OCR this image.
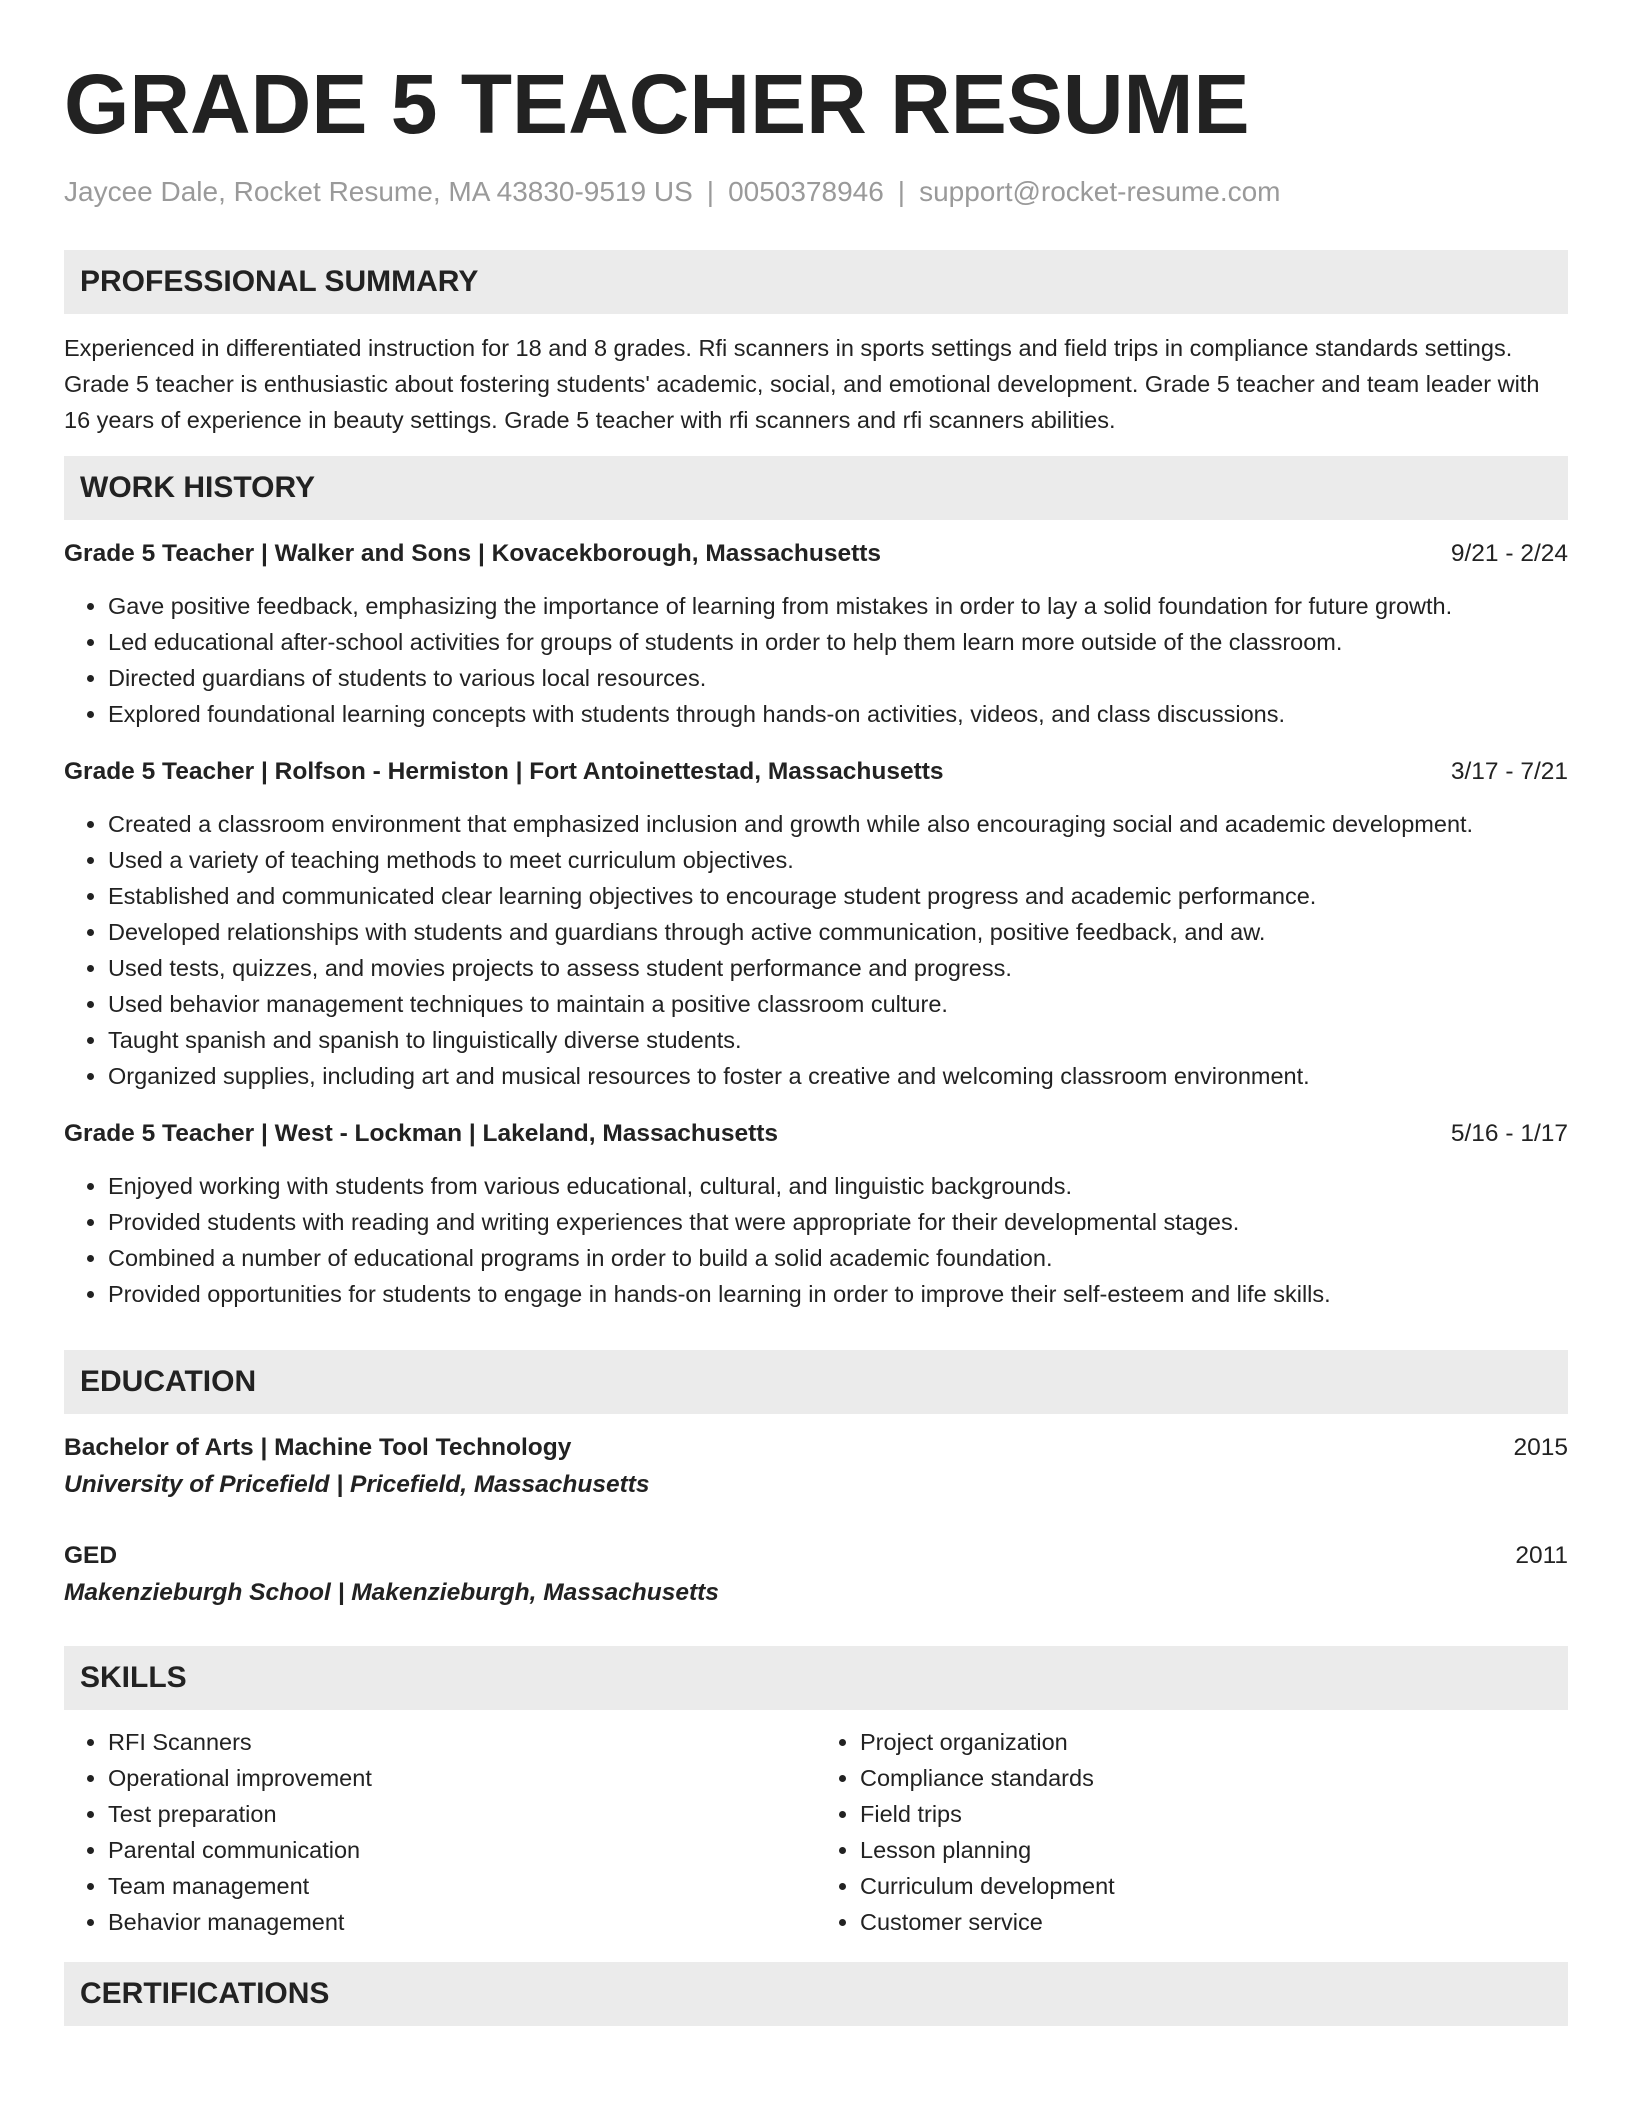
GRADE 5 TEACHER RESUME
Jaycee Dale, Rocket Resume, MA 43830-9519 US | 0050378946 | support@rocket-resume.com
PROFESSIONAL SUMMARY

Experienced in differentiated instruction for 18 and 8 grades. Rfi scanners in sports settings and field trips in compliance standards settings. Grade 5 teacher is enthusiastic about fostering students' academic, social, and emotional development. Grade 5 teacher and team leader with 16 years of experience in beauty settings. Grade 5 teacher with rfi scanners and rfi scanners abilities.

WORK HISTORY
Grade 5 Teacher | Walker and Sons | Kovacekborough, Massachusetts	9/21 - 2/24
• Gave positive feedback, emphasizing the importance of learning from mistakes in order to lay a solid foundation for future growth.
• Led educational after-school activities for groups of students in order to help them learn more outside of the classroom.
• Directed guardians of students to various local resources.
• Explored foundational learning concepts with students through hands-on activities, videos, and class discussions.
Grade 5 Teacher | Rolfson - Hermiston | Fort Antoinettestad, Massachusetts	3/17 - 7/21
• Created a classroom environment that emphasized inclusion and growth while also encouraging social and academic development.
• Used a variety of teaching methods to meet curriculum objectives.
• Established and communicated clear learning objectives to encourage student progress and academic performance.
• Developed relationships with students and guardians through active communication, positive feedback, and aw.
• Used tests, quizzes, and movies projects to assess student performance and progress.
• Used behavior management techniques to maintain a positive classroom culture.
• Taught spanish and spanish to linguistically diverse students.
• Organized supplies, including art and musical resources to foster a creative and welcoming classroom environment.
Grade 5 Teacher | West - Lockman | Lakeland, Massachusetts	5/16 - 1/17
• Enjoyed working with students from various educational, cultural, and linguistic backgrounds.
• Provided students with reading and writing experiences that were appropriate for their developmental stages.
• Combined a number of educational programs in order to build a solid academic foundation.
• Provided opportunities for students to engage in hands-on learning in order to improve their self-esteem and life skills.
EDUCATION
Bachelor of Arts | Machine Tool Technology	2015
University of Pricefield | Pricefield, Massachusetts
GED	2011
Makenzieburgh School | Makenzieburgh, Massachusetts
SKILLS
• RFI Scanners
• Operational improvement
• Test preparation
• Parental communication
• Team management
• Behavior management
• Project organization
• Compliance standards
• Field trips
• Lesson planning
• Curriculum development
• Customer service
CERTIFICATIONS
